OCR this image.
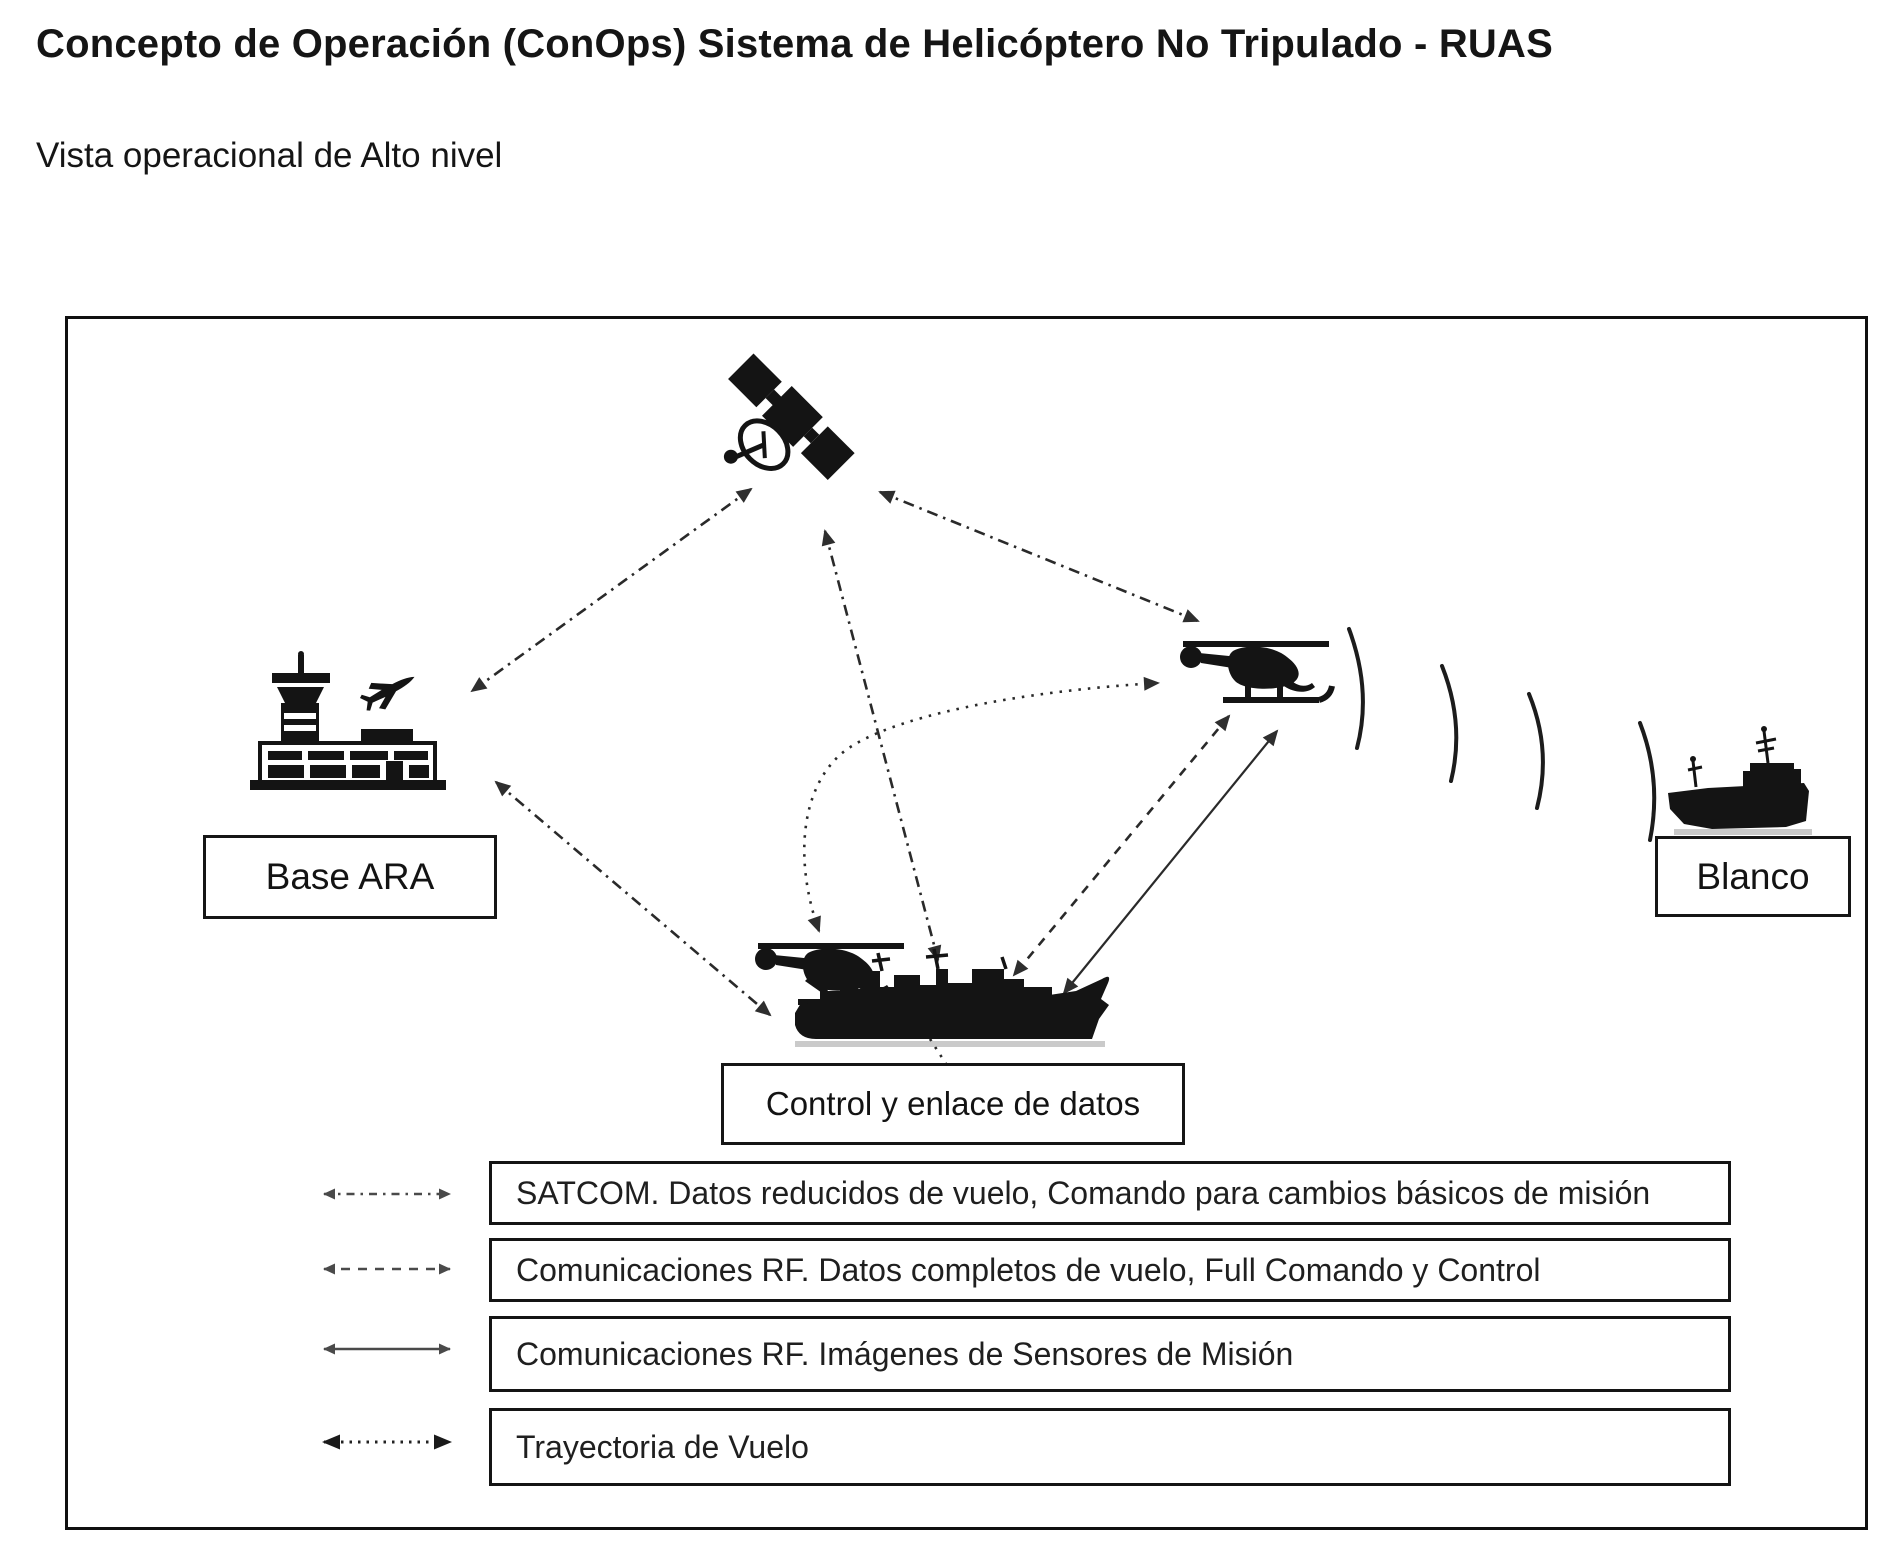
Concepto de Operación (ConOps) Sistema de Helicóptero No Tripulado - RUAS
Vista operacional de Alto nivel
Base ARA	Blanco
Control y enlace de datos
SATCOM. Datos reducidos de vuelo, Comando para cambios básicos de misión
Comunicaciones RF. Datos completos de vuelo, Full Comando y Control
Comunicaciones RF. Imágenes de Sensores de Misión
Trayectoria de Vuelo
